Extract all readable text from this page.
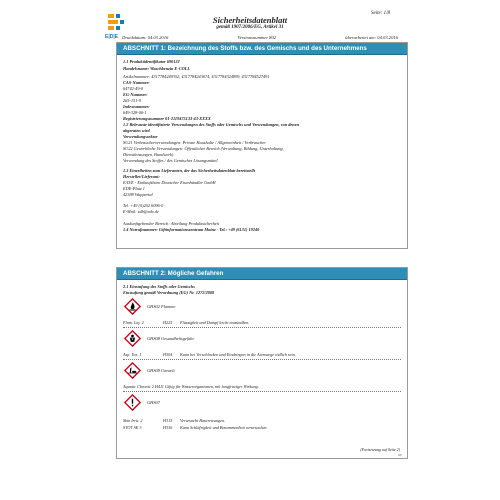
E|D|E
Seite: 1/8
Sicherheitsdatenblatt
gemäß 1907/2006/EG, Artikel 31
Druckdatum: 04.03.2016	Versionsnummer 802	überarbeitet am: 04.03.2016
ABSCHNITT 1: Bezeichnung des Stoffs bzw. des Gemischs und des Unternehmens
1.1 Produktidentifikator 690122
Handelsname: Waschbenzin E-COLL
Artikelnummer: 4317784249352, 4317784243674, 4317784324899, 4317784527491
CAS-Nummer:
64742-49-0
EG-Nummer:
265-151-9
Indexnummer:
649-328-00-1
Registrierungsnummer 01-2119475133-43-XXXX
1.2 Relevante identifizierte Verwendungen des Stoffs oder Gemischs und Verwendungen, von denen
abgeraten wird
Verwendungssektor
SU21 Verbraucherverwendungen: Private Haushalte / Allgemeinheit / Verbraucher
SU22 Gewerbliche Verwendungen: Öffentlicher Bereich (Verwaltung, Bildung, Unterhaltung,
Dienstleistungen, Handwerk)
Verwendung des Stoffes / des Gemisches Lösungsmittel
1.3 Einzelheiten zum Lieferanten, der das Sicherheitsdatenblatt bereitstellt
Hersteller/Lieferant:
E/D/E - Einkaufsbüro Deutscher Eisenhändler GmbH
EDE-Platz 1
42389 Wuppertal
Tel. +49 (0)202 6096-0
E-Mail: sdb@ede.de
Auskunftgebender Bereich: Abteilung Produktsicherheit
1.4 Notrufnummer: Giftinformationszentrum Mainz - Tel.: +49 (6131) 19240
ABSCHNITT 2: Mögliche Gefahren
2.1 Einstufung des Stoffs oder Gemischs
Einstufung gemäß Verordnung (EG) Nr. 1272/2008
GHS02 Flamme
Flam. Liq. 2	H225 Flüssigkeit und Dampf leicht entzündbar.
GHS08 Gesundheitsgefahr
Asp. Tox. 1	H304 Kann bei Verschlucken und Eindringen in die Atemwege tödlich sein.
GHS09 Umwelt
Aquatic Chronic 2 H411 Giftig für Wasserorganismen, mit langfristiger Wirkung.
GHS07
Skin Irrit. 2	H315 Verursacht Hautreizungen.
STOT SE 3	H336 Kann Schläfrigkeit und Benommenheit verursachen.
(Fortsetzung auf Seite 2)
DE
